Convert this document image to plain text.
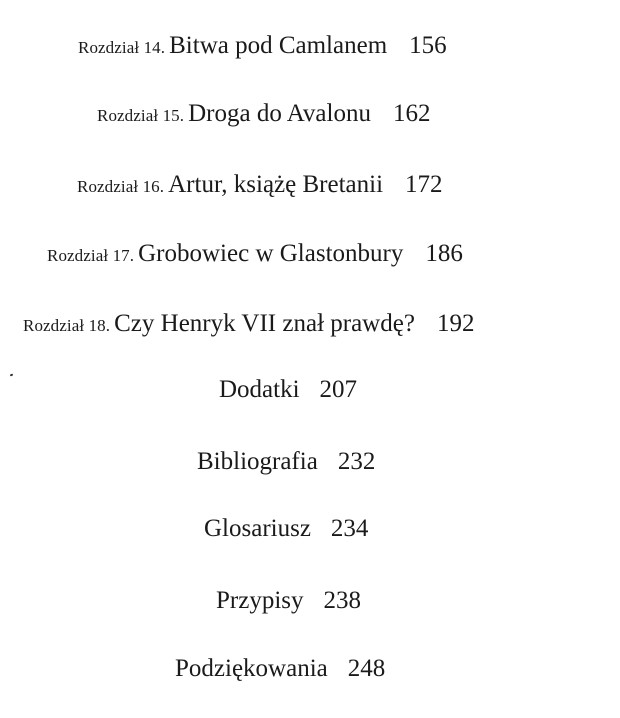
Rozdział 14. Bitwa pod Camlanem 156
Rozdział 15. Droga do Avalonu 162
Rozdział 16. Artur, książę Bretanii 172
Rozdział 17. Grobowiec w Glastonbury 186
Rozdział 18. Czy Henryk VII znał prawdę? 192
Dodatki 207
Bibliografia 232
Glosariusz 234
Przypisy 238
Podziękowania 248
